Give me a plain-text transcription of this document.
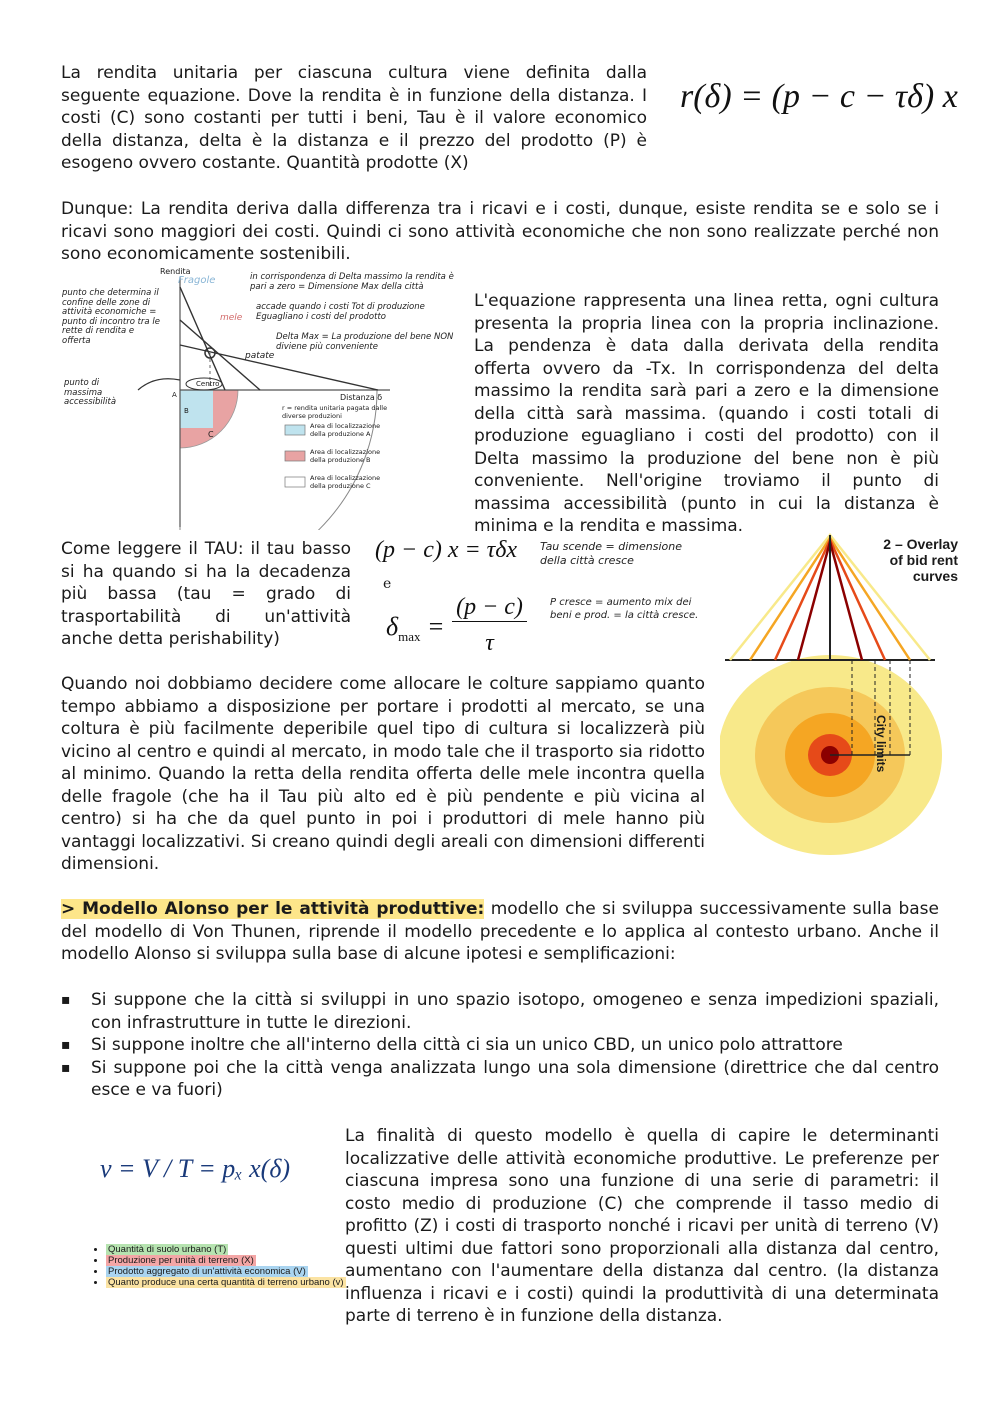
La rendita unitaria per ciascuna cultura viene definita dalla seguente equazione. Dove la rendita è in funzione della distanza. I costi (C) sono costanti per tutti i beni, Tau è il valore economico della distanza, delta è la distanza e il prezzo del prodotto (P) è esogeno ovvero costante. Quantità prodotte (X)

r(δ) = (p − c − τδ) x

Dunque: La rendita deriva dalla differenza tra i ricavi e i costi, dunque, esiste rendita se e solo se i ricavi sono maggiori dei costi. Quindi ci sono attività economiche che non sono realizzate perché non sono economicamente sostenibili.

Rendita
Distanza δ
Fragole
mele
patate
Centro
A
B
C
r = rendita unitaria pagata dalle diverse produzioni
Area di localizzazione della produzione A
Area di localizzazione della produzione B
Area di localizzazione della produzione C
punto che determina il confine delle zone di attività economiche = punto di incontro tra le rette di rendita e offerta
punto di massima accessibilità
in corrispondenza di Delta massimo la rendita è pari a zero = Dimensione Max della città
accade quando i costi Tot di produzione Eguagliano i costi del prodotto
Delta Max = La produzione del bene NON diviene più conveniente

L'equazione rappresenta una linea retta, ogni cultura presenta la propria linea con la propria inclinazione. La pendenza è data dalla derivata della rendita offerta ovvero da -Tx. In corrispondenza del delta massimo la rendita sarà pari a zero e la dimensione della città sarà massima. (quando i costi totali di produzione eguagliano i costi del prodotto) con il Delta massimo la produzione del bene non è più conveniente. Nell'origine troviamo il punto di massima accessibilità (punto in cui la distanza è minima e la rendita e massima.

Come leggere il TAU: il tau basso si ha quando si ha la decadenza più bassa (tau = grado di trasportabilità di un'attività anche detta perishability)

(p − c) x = τδx
e
$\delta_{max}$ =
(p − c)
τ
Tau scende = dimensione della città cresce
P cresce = aumento mix dei beni e prod. = la città cresce.
2 – Overlay
of bid rent
curves
City limits

Quando noi dobbiamo decidere come allocare le colture sappiamo quanto tempo abbiamo a disposizione per portare i prodotti al mercato, se una coltura è più facilmente deperibile quel tipo di cultura si localizzerà più vicino al centro e quindi al mercato, in modo tale che il trasporto sia ridotto al minimo. Quando la retta della rendita offerta delle mele incontra quella delle fragole (che ha il Tau più alto ed è più pendente e più vicina al centro) si ha che da quel punto in poi i produttori di mele hanno più vantaggi localizzativi. Si creano quindi degli areali con dimensioni differenti dimensioni.

> Modello Alonso per le attività produttive: modello che si sviluppa successivamente sulla base del modello di Von Thunen, riprende il modello precedente e lo applica al contesto urbano. Anche il modello Alonso si sviluppa sulla base di alcune ipotesi e semplificazioni:

▪ Si suppone che la città si sviluppi in uno spazio isotopo, omogeneo e senza impedizioni spaziali, con infrastrutture in tutte le direzioni.
▪ Si suppone inoltre che all'interno della città ci sia un unico CBD, un unico polo attrattore
▪ Si suppone poi che la città venga analizzata lungo una sola dimensione (direttrice che dal centro esce e va fuori)
v = V / T = pₓ x(δ)
• Quantità di suolo urbano (T)
• Produzione per unità di terreno (X)
• Prodotto aggregato di un'attività economica (V)
• Quanto produce una certa quantità di terreno urbano (v)

La finalità di questo modello è quella di capire le determinanti localizzative delle attività economiche produttive. Le preferenze per ciascuna impresa sono una funzione di una serie di parametri: il costo medio di produzione (C) che comprende il tasso medio di profitto (Z) i costi di trasporto nonché i ricavi per unità di terreno (V) questi ultimi due fattori sono proporzionali alla distanza dal centro, aumentano con l'aumentare della distanza dal centro. (la distanza influenza i ricavi e i costi) quindi la produttività di una determinata parte di terreno è in funzione della distanza.
